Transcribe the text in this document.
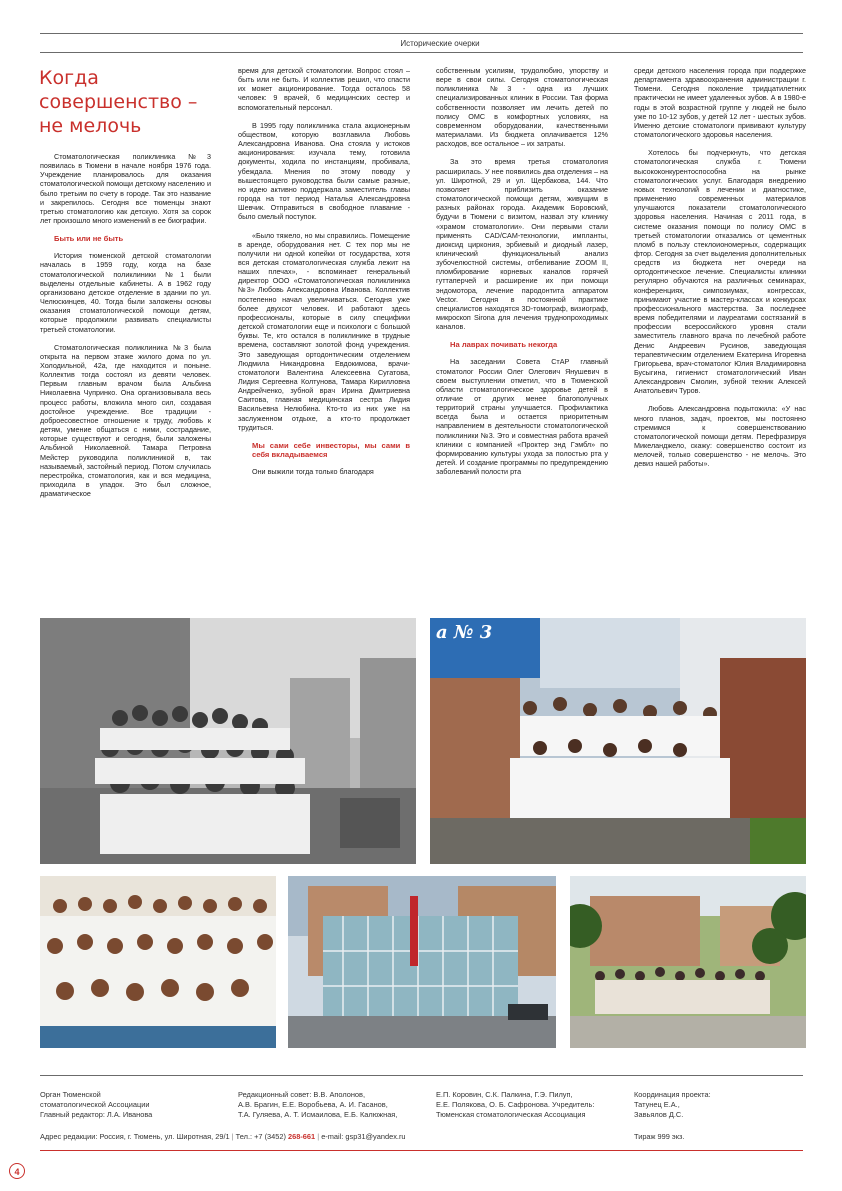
Исторические очерки
Когда
совершенство –
не мелочь

Стоматологическая поликлиника №3 появилась в Тюмени в начале ноября 1976 года. Учреждение планировалось для оказания стоматологической помощи детскому населению и было третьим по счету в городе. Так это название и закрепилось. Сегодня все тюменцы знают третью стоматологию как детскую. Хотя за сорок лет произошло много изменений в ее биографии.

Быть или не быть

История тюменской детской стоматологии началась в 1959 году, когда на базе стоматологической поликлиники №1 были выделены отдельные кабинеты. А в 1962 году организовано детское отделение в здании по ул. Челюскинцев, 40. Тогда были заложены основы оказания стоматологической помощи детям, которые продолжили развивать специалисты третьей стоматологии.

Стоматологическая поликлиника №3 была открыта на первом этаже жилого дома по ул. Холодильной, 42а, где находится и поныне. Коллектив тогда состоял из девяти человек. Первым главным врачом была Альбина Николаевна Чупринко. Она организовывала весь процесс работы, вложила много сил, создавая достойное учреждение. Все традиции - доброесовестное отношение к труду, любовь к детям, умение общаться с ними, сострадание, которые существуют и сегодня, были заложены Альбиной Николаевной. Тамара Петровна Мейстер руководила поликлиникой в, так называемый, застойный период. Потом случилась перестройка, стоматология, как и вся медицина, приходила в упадок. Это был сложное, драматическое

время для детской стоматологии. Вопрос стоял – быть или не быть. И коллектив решил, что спасти их может акционирование. Тогда осталось 58 человек: 9 врачей, 6 медицинских сестер и вспомогательный персонал.

В 1995 году поликлиника стала акционерным обществом, которую возглавила Любовь Александровна Иванова. Она стояла у истоков акционирования: изучала тему, готовила документы, ходила по инстанциям, пробивала, убеждала. Мнения по этому поводу у вышестоящего руководства были самые разные, но идею активно поддержала заместитель главы города на тот период Наталья Александровна Шевчик. Отправиться в свободное плавание - было смелый поступок.

«Было тяжело, но мы справились. Помещение в аренде, оборудования нет. С тех пор мы не получили ни одной копейки от государства, хотя вся детская стоматологическая служба лежит на наших плечах», - вспоминает генеральный директор ООО «Стоматологическая поликлиника №3» Любовь Александровна Иванова. Коллектив постепенно начал увеличиваться. Сегодня уже более двухсот человек. И работают здесь профессионалы, которые в силу специфики детской стоматологии еще и психологи с большой буквы. Те, кто остался в поликлинике в трудные времена, составляют золотой фонд учреждения. Это заведующая ортодонтическим отделением Людмила Никандровна Евдокимова, врачи-стоматологи Валентина Алексеевна Сугатова, Лидия Сергеевна Колтунова, Тамара Кирилловна Андрейченко, зубной врач Ирина Дмитриевна Саитова, главная медицинская сестра Лидия Васильевна Нелюбина. Кто-то из них уже на заслуженном отдыхе, а кто-то продолжает трудиться.

Мы сами себе инвесторы, мы сами в себя вкладываемся

Они выжили тогда только благодаря

собственным усилиям, трудолюбию, упорству и вере в свои силы. Сегодня стоматологическая поликлиника №3 - одна из лучших специализированных клиник в России. Тая форма собственности позволяет им лечить детей по полису ОМС в комфортных условиях, на современном оборудовании, качественными материалами. Из бюджета оплачивается 12% расходов, все остальное – их затраты.

За это время третья стоматология расширилась. У нее появились два отделения – на ул. Широтной, 29 и ул. Щербакова, 144. Что позволяет приблизить оказание стоматологической помощи детям, живущим в разных районах города. Академик Боровский, будучи в Тюмени с визитом, назвал эту клинику «храмом стоматологии». Они первыми стали применять CAD/CAM-технологии, импланты, диоксид циркония, эрбиевый и диодный лазер, клинический функциональный анализ зубочелюстной системы, отбеливание ZOOM II, пломбирование корневых каналов горячей гуттаперчей и расширение их при помощи эндомотора, лечение пародонтита аппаратом Vector. Сегодня в постоянной практике специалистов находятся 3D-томограф, визиограф, микроскоп Sirona для лечения труднопроходимых каналов.

На лаврах почивать некогда

На заседании Совета СтАР главный стоматолог России Олег Олегович Янушевич в своем выступлении отметил, что в Тюменской области стоматологическое здоровье детей в отличие от других менее благополучных территорий страны улучшается. Профилактика всегда была и остается приоритетным направлением в деятельности стоматологической поликлиники №3. Это и совместная работа врачей клиники с компанией «Проктер энд Гэмбл» по формированию культуры ухода за полостью рта у детей. И создание программы по предупреждению заболеваний полости рта

среди детского населения города при поддержке департамента здравоохранения администрации г. Тюмени. Сегодня поколение тридцатилетних практически не имеет удаленных зубов. А в 1980-е годы в этой возрастной группе у людей не было уже по 10-12 зубов, у детей 12 лет - шестых зубов. Именно детские стоматологи прививают культуру стоматологического здоровья населения.

Хотелось бы подчеркнуть, что детская стоматологическая служба г. Тюмени высококонкурентоспособна на рынке стоматологических услуг. Благодаря внедрению новых технологий в лечении и диагностике, применению современных материалов улучшаются показатели стоматологического здоровья населения. Начиная с 2011 года, в системе оказания помощи по полису ОМС в третьей стоматологии отказались от цементных пломб в пользу стеклоиономерных, содержащих фтор. Сегодня за счет выделения дополнительных средств из бюджета нет очереди на ортодонтическое лечение. Специалисты клиники регулярно обучаются на различных семинарах, конференциях, симпозиумах, конгрессах, принимают участие в мастер-классах и конкурсах профессионального мастерства. За последнее время победителями и лауреатами состязаний в профессии всероссийского уровня стали заместитель главного врача по лечебной работе Денис Андреевич Русинов, заведующая терапевтическим отделением Екатерина Игоревна Григорьева, врач-стоматолог Юлия Владимировна Бусыгина, гигиенист стоматологический Иван Александрович Смолин, зубной техник Алексей Анатольевич Туров.

Любовь Александровна подытожила: «У нас много планов, задач, проектов, мы постоянно стремимся к совершенствованию стоматологической помощи детям. Перефразируя Микеланджело, скажу: совершенство состоит из мелочей, только совершенство - не мелочь. Это девиз нашей работы».

а № 3
Орган Тюменской
стоматологической Ассоциации
Главный редактор: Л.А. Иванова
Редакционный совет: В.В. Аполонов,
А.В. Брагин, Е.Е. Воробьева, А. И. Гасанов,
Т.А. Гуляева, А. Т. Исмаилова, Е.Б. Калюжная,
Е.П. Коровин, С.К. Палкина, Г.Э. Пилуп,
Е.Е. Полякова, О. Б. Сафронова. Учредитель:
Тюменская стоматологическая Ассоциация
Координация проекта:
Татунец Е.А.,
Завьялов Д.С.
Адрес редакции: Россия, г. Тюмень, ул. Широтная, 29/1 | Тел.: +7 (3452) 268-661 | e-mail: gsp31@yandex.ru	Тираж 999 экз.
4
